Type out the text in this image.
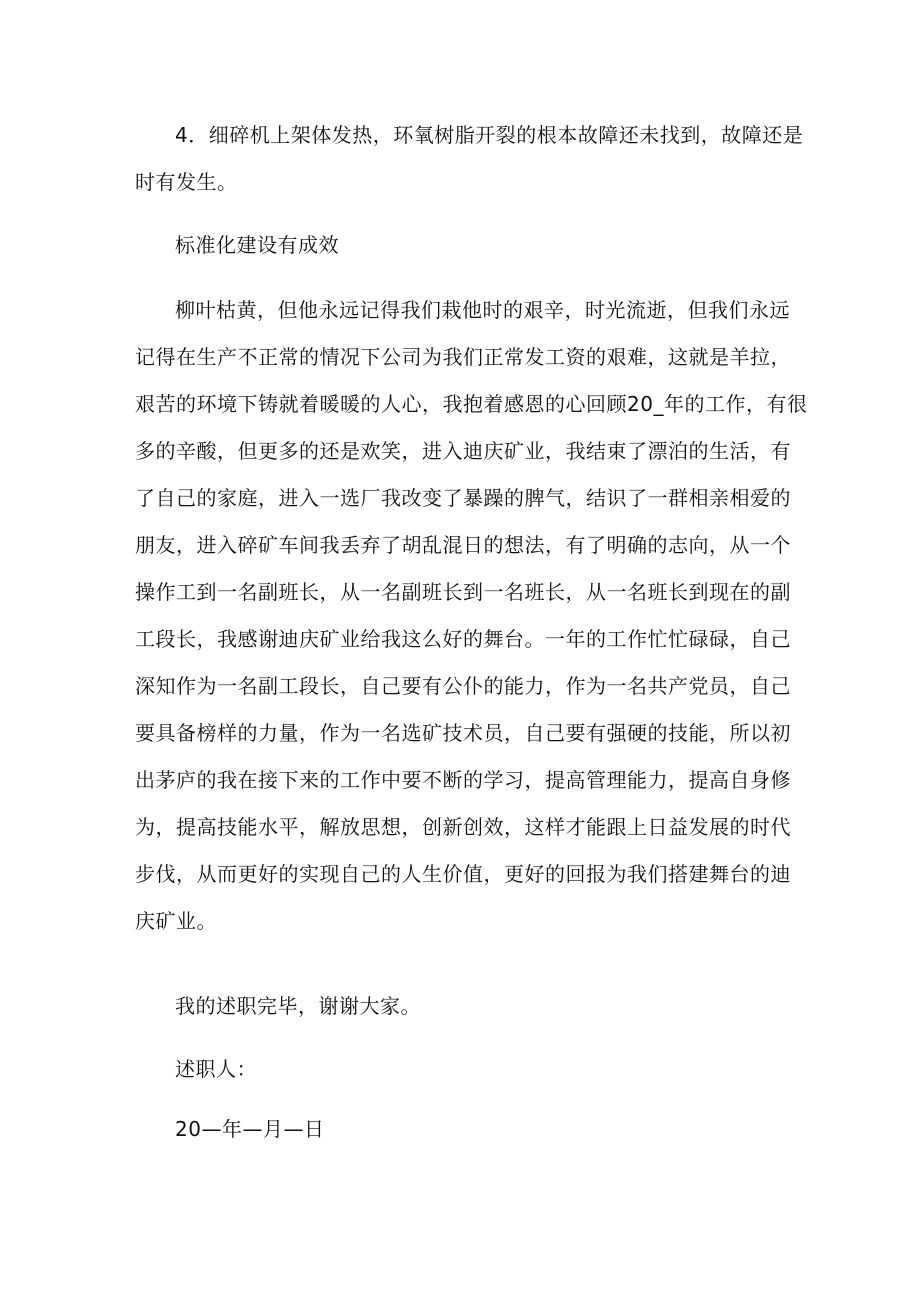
4．细碎机上架体发热，环氧树脂开裂的根本故障还未找到，故障还是
时有发生。
标准化建设有成效
柳叶枯黄，但他永远记得我们栽他时的艰辛，时光流逝，但我们永远
记得在生产不正常的情况下公司为我们正常发工资的艰难，这就是羊拉，
艰苦的环境下铸就着暖暖的人心，我抱着感恩的心回顾20_年的工作，有很
多的辛酸，但更多的还是欢笑，进入迪庆矿业，我结束了漂泊的生活，有
了自己的家庭，进入一选厂我改变了暴躁的脾气，结识了一群相亲相爱的
朋友，进入碎矿车间我丢弃了胡乱混日的想法，有了明确的志向，从一个
操作工到一名副班长，从一名副班长到一名班长，从一名班长到现在的副
工段长，我感谢迪庆矿业给我这么好的舞台。一年的工作忙忙碌碌，自己
深知作为一名副工段长，自己要有公仆的能力，作为一名共产党员，自己
要具备榜样的力量，作为一名选矿技术员，自己要有强硬的技能，所以初
出茅庐的我在接下来的工作中要不断的学习，提高管理能力，提高自身修
为，提高技能水平，解放思想，创新创效，这样才能跟上日益发展的时代
步伐，从而更好的实现自己的人生价值，更好的回报为我们搭建舞台的迪
庆矿业。
我的述职完毕，谢谢大家。
述职人：
20—年—月—日
